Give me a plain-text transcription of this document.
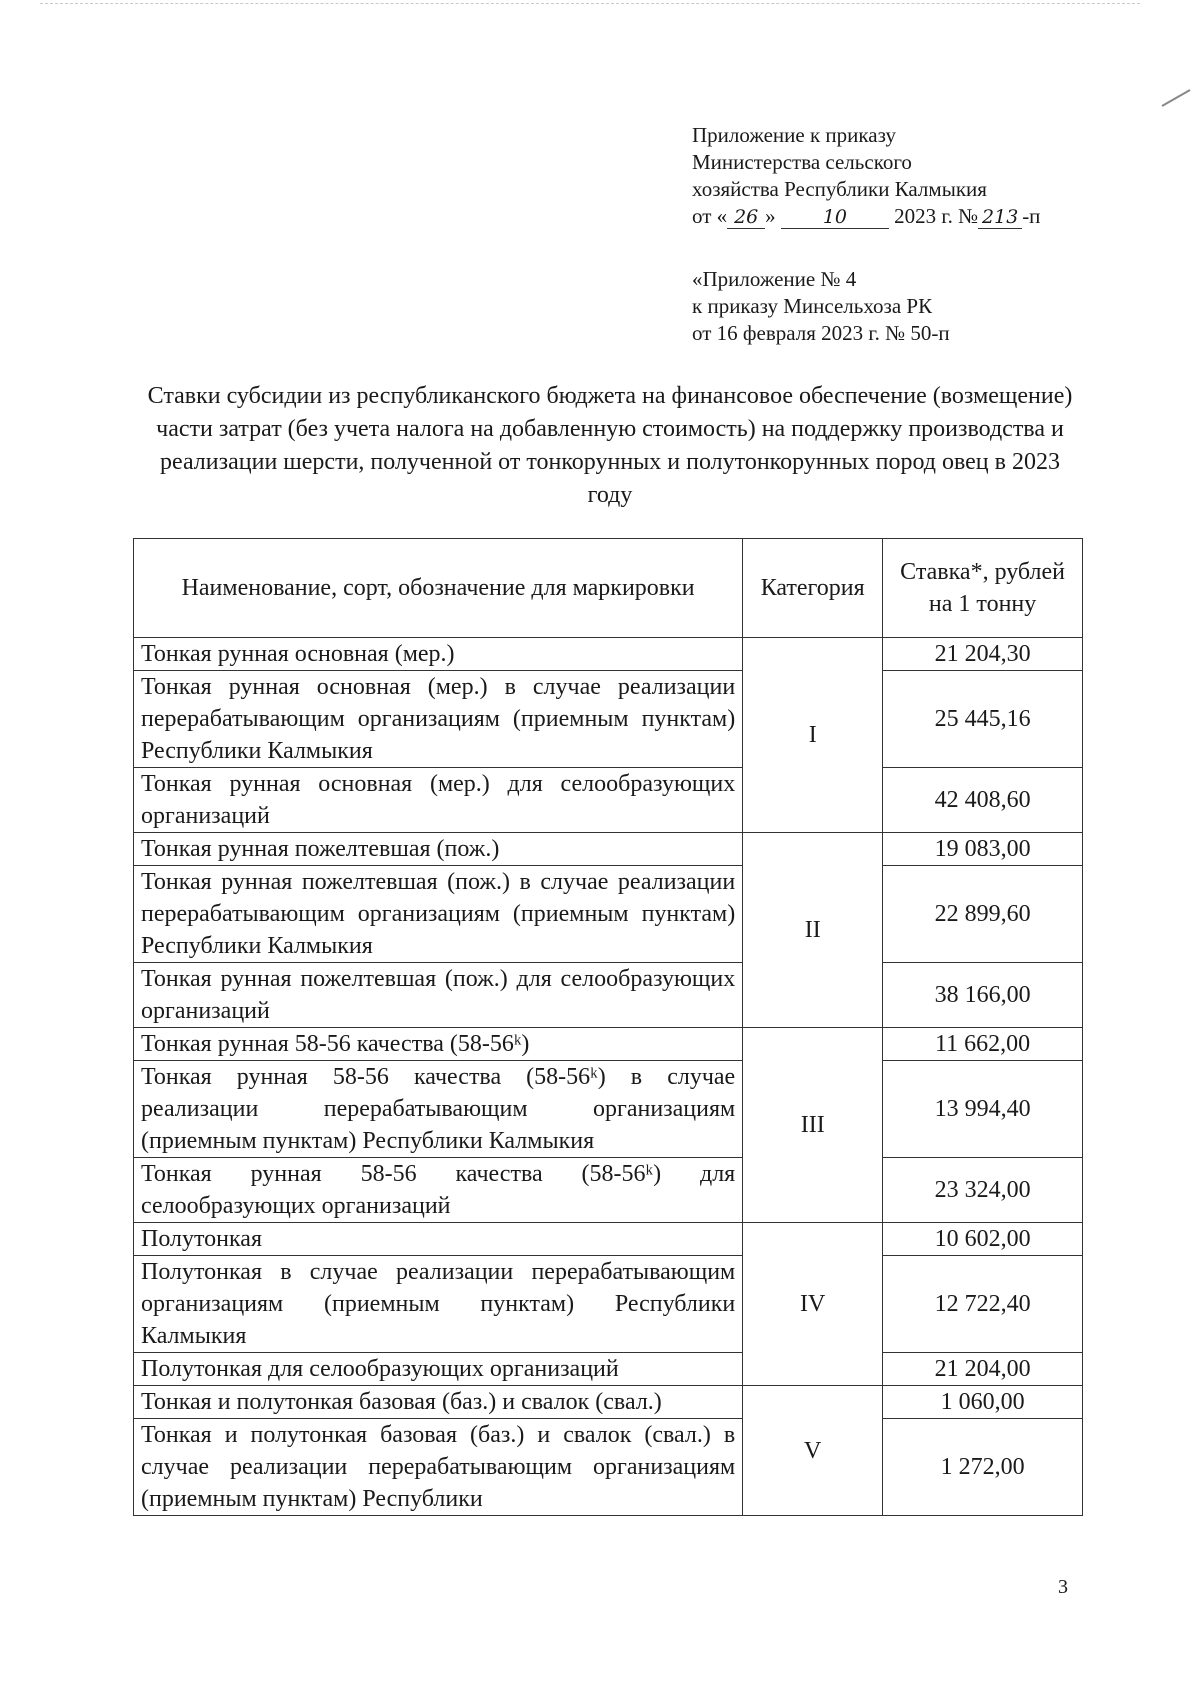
Приложение к приказу
Министерства сельского
хозяйства Республики Калмыкия
от « 26 » 10 2023 г. № 213 -п
«Приложение № 4
к приказу Минсельхоза РК
от 16 февраля 2023 г. № 50-п
Ставки субсидии из республиканского бюджета на финансовое обеспечение (возмещение) части затрат (без учета налога на добавленную стоимость) на поддержку производства и реализации шерсти, полученной от тонкорунных и полутонкорунных пород овец в 2023 году
Наименование, сорт, обозначение для маркировки	Категория	Ставка*, рублей на 1 тонну
Тонкая рунная основная (мер.)	I	21 204,30
Тонкая рунная основная (мер.) в случае реализации перерабатывающим организациям (приемным пунктам) Республики Калмыкия		25 445,16
Тонкая рунная основная (мер.) для селообразующих организаций		42 408,60
Тонкая рунная пожелтевшая (пож.)	II	19 083,00
Тонкая рунная пожелтевшая (пож.) в случае реализации перерабатывающим организациям (приемным пунктам) Республики Калмыкия		22 899,60
Тонкая рунная пожелтевшая (пож.) для селообразующих организаций		38 166,00
Тонкая рунная 58-56 качества (58-56ᵏ)	III	11 662,00
Тонкая рунная 58-56 качества (58-56ᵏ) в случае реализации перерабатывающим организациям (приемным пунктам) Республики Калмыкия		13 994,40
Тонкая рунная 58-56 качества (58-56ᵏ) для селообразующих организаций		23 324,00
Полутонкая	IV	10 602,00
Полутонкая в случае реализации перерабатывающим организациям (приемным пунктам) Республики Калмыкия		12 722,40
Полутонкая для селообразующих организаций		21 204,00
Тонкая и полутонкая базовая (баз.) и свалок (свал.)	V	1 060,00
Тонкая и полутонкая базовая (баз.) и свалок (свал.) в случае реализации перерабатывающим организациям (приемным пунктам) Республики		1 272,00
3
